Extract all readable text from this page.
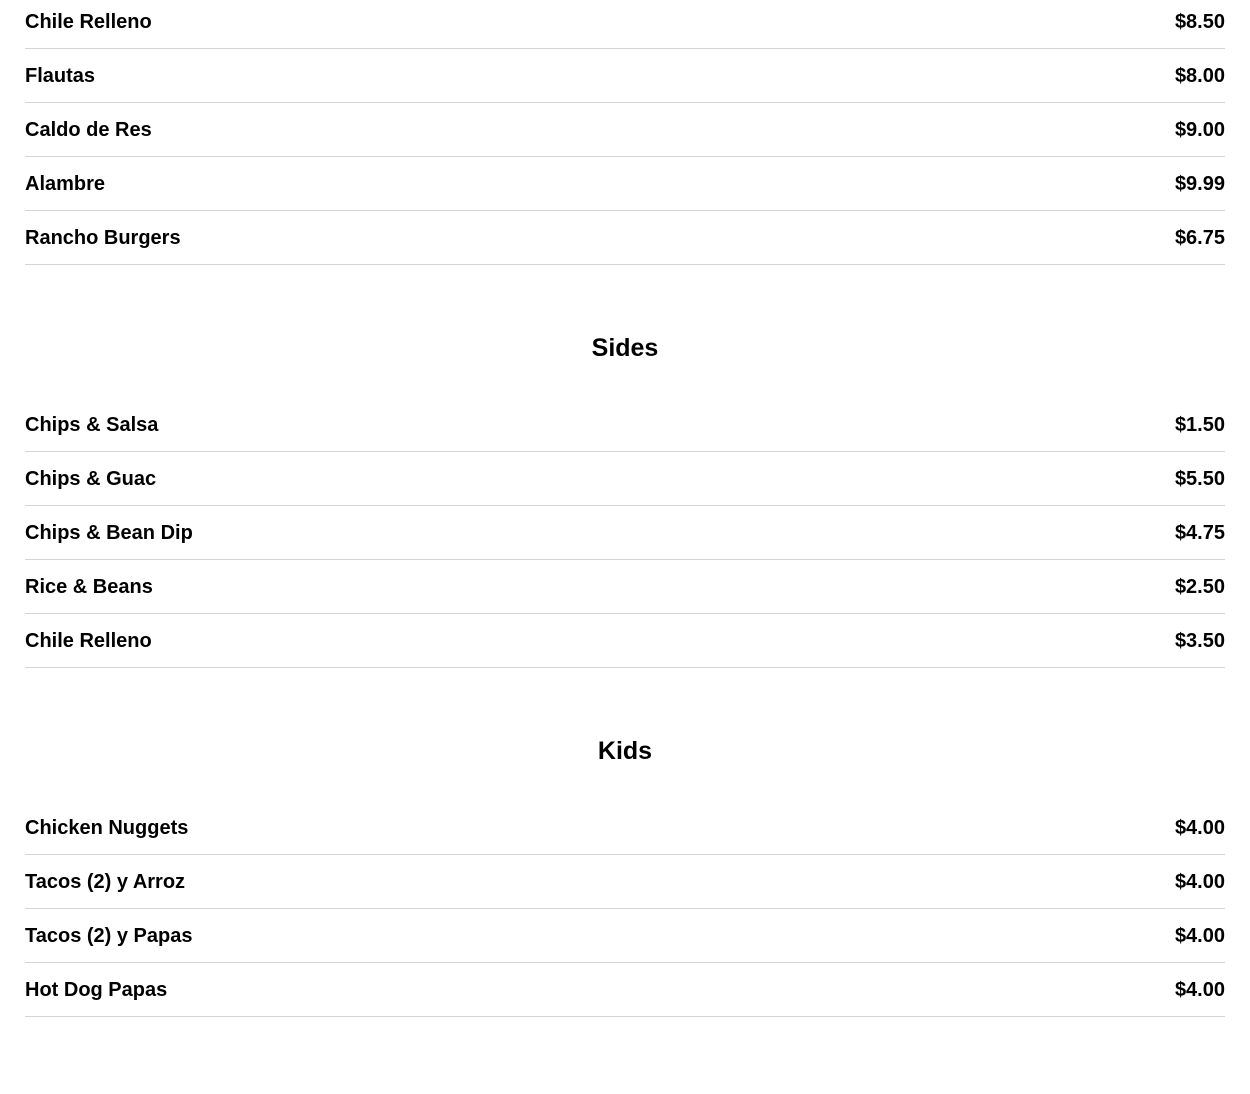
Chile Relleno	$8.50
Flautas	$8.00
Caldo de Res	$9.00
Alambre	$9.99
Rancho Burgers	$6.75
Sides
Chips & Salsa	$1.50
Chips & Guac	$5.50
Chips & Bean Dip	$4.75
Rice & Beans	$2.50
Chile Relleno	$3.50
Kids
Chicken Nuggets	$4.00
Tacos (2) y Arroz	$4.00
Tacos (2) y Papas	$4.00
Hot Dog Papas	$4.00
